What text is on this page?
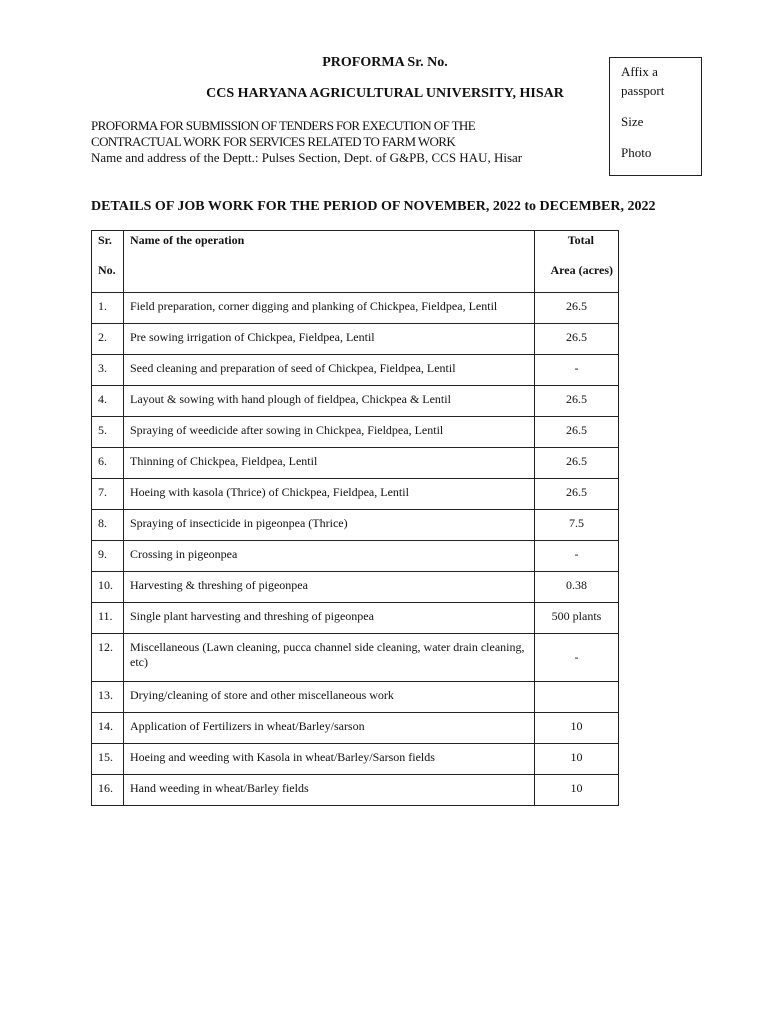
PROFORMA Sr. No.
CCS HARYANA AGRICULTURAL UNIVERSITY, HISAR
PROFORMA FOR SUBMISSION OF TENDERS FOR EXECUTION OF THE
CONTRACTUAL WORK FOR SERVICES RELATED TO FARM WORK
Name and address of the Deptt.: Pulses Section, Dept. of G&PB, CCS HAU, Hisar
Affix a
passport
Size
Photo
DETAILS OF JOB WORK FOR THE PERIOD OF NOVEMBER, 2022 to DECEMBER, 2022
Sr.
No.	Name of the operation	Total
Area (acres)

1.	Field preparation, corner digging and planking of Chickpea, Fieldpea, Lentil	26.5
2.	Pre sowing irrigation of Chickpea, Fieldpea, Lentil	26.5
3.	Seed cleaning and preparation of seed of Chickpea, Fieldpea, Lentil	-
4.	Layout & sowing with hand plough of fieldpea, Chickpea & Lentil	26.5
5.	Spraying of weedicide after sowing in Chickpea, Fieldpea, Lentil	26.5
6.	Thinning of Chickpea, Fieldpea, Lentil	26.5
7.	Hoeing with kasola (Thrice) of Chickpea, Fieldpea, Lentil	26.5
8.	Spraying of insecticide in pigeonpea (Thrice)	7.5
9.	Crossing in pigeonpea	-
10.	Harvesting & threshing of pigeonpea	0.38
11.	Single plant harvesting and threshing of pigeonpea	500 plants
12.	Miscellaneous (Lawn cleaning, pucca channel side cleaning, water drain cleaning, etc)	-
13.	Drying/cleaning of store and other miscellaneous work	
14.	Application of Fertilizers in wheat/Barley/sarson	10
15.	Hoeing and weeding with Kasola in wheat/Barley/Sarson fields	10
16.	Hand weeding in wheat/Barley fields	10
